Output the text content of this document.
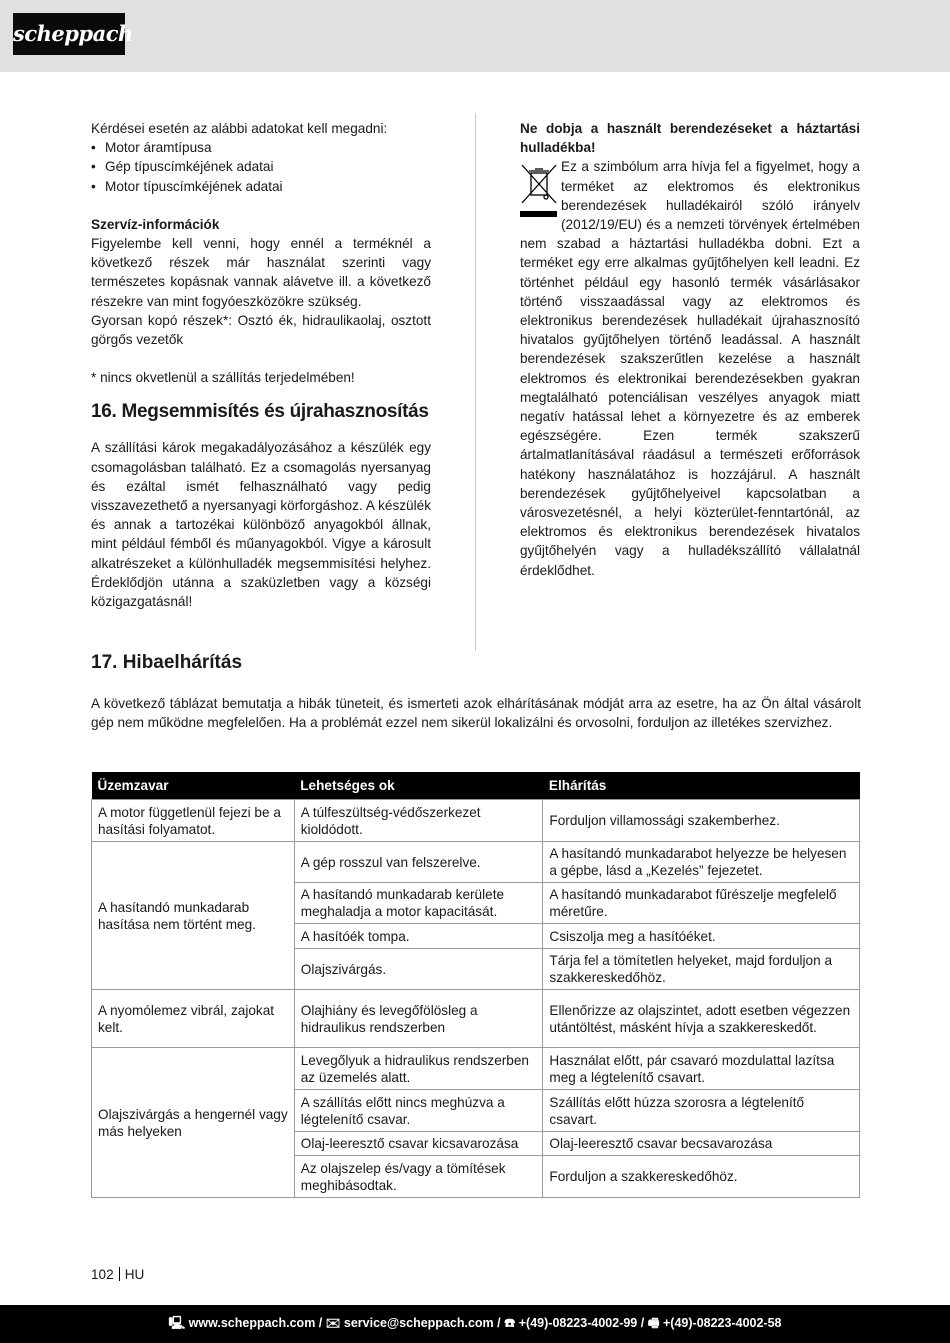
scheppach

Kérdései esetén az alábbi adatokat kell megadni:

• Motor áramtípusa
• Gép típuscímkéjének adatai
• Motor típuscímkéjének adatai

Szervíz-információk

Figyelembe kell venni, hogy ennél a terméknél a következő részek már használat szerinti vagy természetes kopásnak vannak alávetve ill. a következő részekre van mint fogyóeszközökre szükség.

Gyorsan kopó részek*: Osztó ék, hidraulikaolaj, osztott görgős vezetők

* nincs okvetlenül a szállítás terjedelmében!

16. Megsemmisítés és újrahasznosítás

A szállítási károk megakadályozásához a készülék egy csomagolásban található. Ez a csomagolás nyersanyag és ezáltal ismét felhasználható vagy pedig visszavezethető a nyersanyagi körforgáshoz. A készülék és annak a tartozékai különböző anyagokból állnak, mint például fémből és műanyagokból. Vigye a károsult alkatrészeket a különhulladék megsemmisítési helyhez. Érdeklődjön utánna a szaküzletben vagy a községi közigazgatásnál!

Ne dobja a használt berendezéseket a háztartási hulladékba!

Ez a szimbólum arra hívja fel a figyelmet, hogy a terméket az elektromos és elektronikus berendezések hulladékairól szóló irányelv (2012/19/EU) és a nemzeti törvények értelmében nem szabad a háztartási hulladékba dobni. Ezt a terméket egy erre alkalmas gyűjtőhelyen kell leadni. Ez történhet például egy hasonló termék vásárlásakor történő visszaadással vagy az elektromos és elektronikus berendezések hulladékait újrahasznosító hivatalos gyűjtőhelyen történő leadással. A használt berendezések szakszerűtlen kezelése a használt elektromos és elektronikai berendezésekben gyakran megtalálható potenciálisan veszélyes anyagok miatt negatív hatással lehet a környezetre és az emberek egészségére. Ezen termék szakszerű ártalmatlanításával ráadásul a természeti erőforrások hatékony használatához is hozzájárul. A használt berendezések gyűjtőhelyeivel kapcsolatban a városvezetésnél, a helyi közterület-fenntartónál, az elektromos és elektronikus berendezések hivatalos gyűjtőhelyén vagy a hulladékszállító vállalatnál érdeklődhet.

17. Hibaelhárítás

A következő táblázat bemutatja a hibák tüneteit, és ismerteti azok elhárításának módját arra az esetre, ha az Ön által vásárolt gép nem működne megfelelően. Ha a problémát ezzel nem sikerül lokalizálni és orvosolni, forduljon az illetékes szervizhez.

Üzemzavar	Lehetséges ok	Elhárítás
A motor függetlenül fejezi be a hasítási folyamatot.	A túlfeszültség-védőszerkezet kioldódott.	Forduljon villamossági szakemberhez.
A hasítandó munkadarab hasítása nem történt meg.	A gép rosszul van felszerelve.	A hasítandó munkadarabot helyezze be helyesen a gépbe, lásd a „Kezelés” fejezetet.
	A hasítandó munkadarab kerülete meghaladja a motor kapacitását.	A hasítandó munkadarabot fűrészelje megfelelő méretűre.
	A hasítóék tompa.	Csiszolja meg a hasítóéket.
	Olajszivárgás.	Tárja fel a tömítetlen helyeket, majd forduljon a szakkereskedőhöz.
A nyomólemez vibrál, zajokat kelt.	Olajhiány és levegőfölösleg a hidraulikus rendszerben	Ellenőrizze az olajszintet, adott esetben végezzen utántöltést, másként hívja a szakkereskedőt.
Olajszivárgás a hengernél vagy más helyeken	Levegőlyuk a hidraulikus rendszerben az üzemelés alatt.	Használat előtt, pár csavaró mozdulattal lazítsa meg a légtelenítő csavart.
	A szállítás előtt nincs meghúzva a légtelenítő csavar.	Szállítás előtt húzza szorosra a légtelenítő csavart.
	Olaj-leeresztő csavar kicsavarozása	Olaj-leeresztő csavar becsavarozása
	Az olajszelep és/vagy a tömítések meghibásodtak.	Forduljon a szakkereskedőhöz.
102 HU
🖳 www.scheppach.com / ✉ service@scheppach.com / ☎ +(49)-08223-4002-99 / 🖷 +(49)-08223-4002-58
